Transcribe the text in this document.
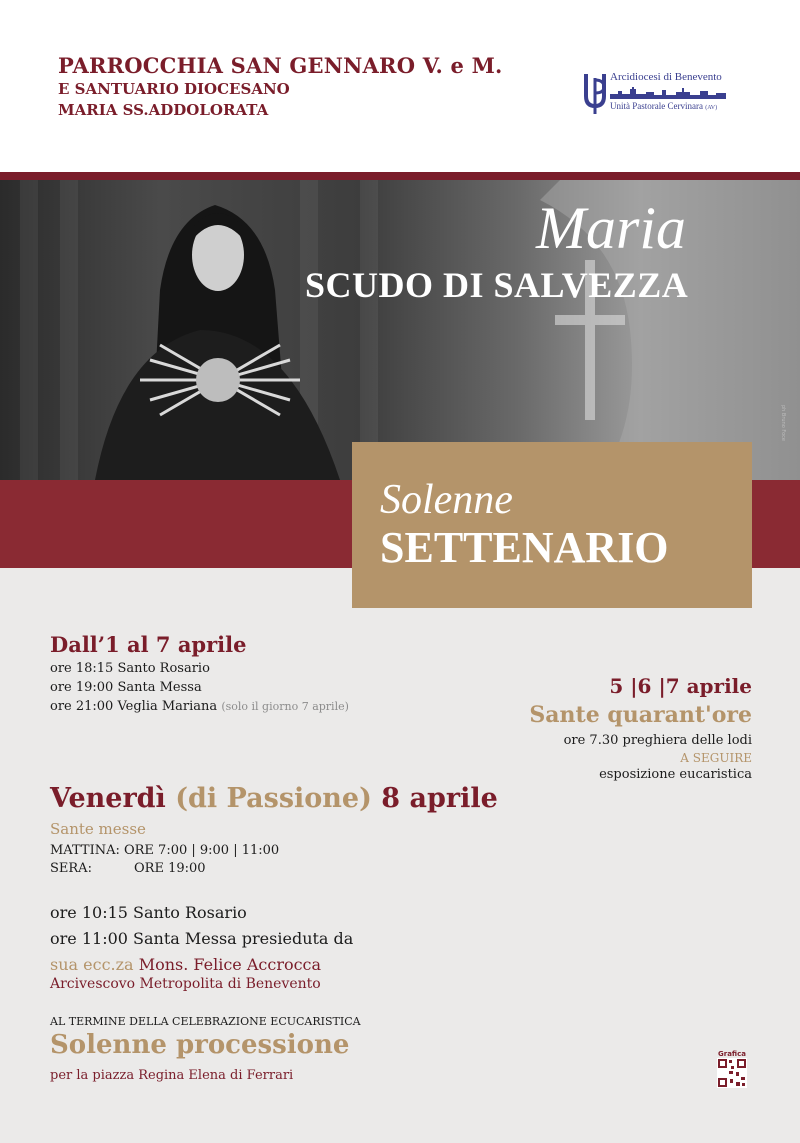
PARROCCHIA SAN GENNARO V. e M.
E SANTUARIO DIOCESANO
MARIA SS.ADDOLORATA
Arcidiocesi di Benevento
Unità Pastorale Cervinara (AV)
ph Bruno Foce
Maria
SCUDO DI SALVEZZA
Solenne
SETTENARIO
Dall’1 al 7 aprile
ore 18:15 Santo Rosario
ore 19:00 Santa Messa
ore 21:00 Veglia Mariana (solo il giorno 7 aprile)
5 |6 |7 aprile
Sante quarant'ore
ore 7.30 preghiera delle lodi
A SEGUIRE
esposizione eucaristica
Venerdì (di Passione) 8 aprile
Sante messe
MATTINA: ORE 7:00 | 9:00 | 11:00
SERA:	ORE 19:00
ore 10:15 Santo Rosario
ore 11:00 Santa Messa presieduta da
sua ecc.za Mons. Felice Accrocca
Arcivescovo Metropolita di Benevento
AL TERMINE DELLA CELEBRAZIONE ECUCARISTICA
Solenne processione
per la piazza Regina Elena di Ferrari
Grafica
